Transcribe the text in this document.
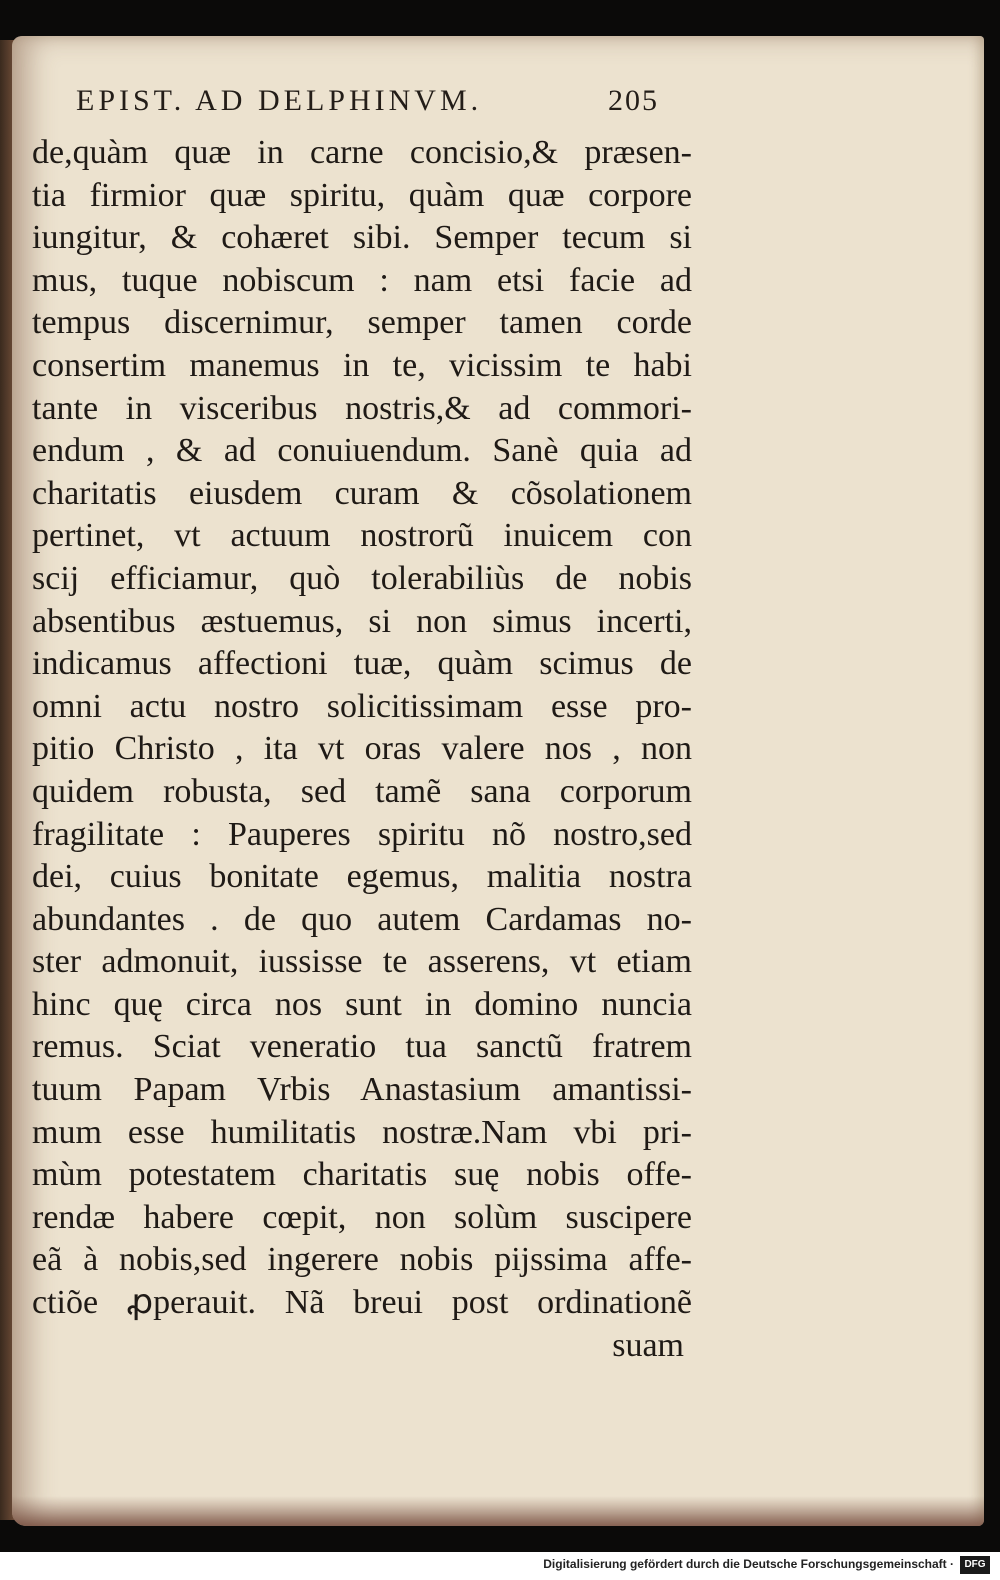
EPIST. AD DELPHINVM.	205
de,quàm quæ in carne concisio,& præsen-
tia firmior quæ spiritu, quàm quæ corpore
iungitur, & cohæret sibi. Semper tecum si
mus, tuque nobiscum : nam etsi facie ad
tempus discernimur, semper tamen corde
consertim manemus in te, vicissim te habi
tante in visceribus nostris,& ad commori-
endum , & ad conuiuendum. Sanè quia ad
charitatis eiusdem curam & cõsolationem
pertinet, vt actuum nostrorũ inuicem con
scij efficiamur, quò tolerabiliùs de nobis
absentibus æstuemus, si non simus incerti,
indicamus affectioni tuæ, quàm scimus de
omni actu nostro solicitissimam esse pro-
pitio Christo , ita vt oras valere nos , non
quidem robusta, sed tamẽ sana corporum
fragilitate : Pauperes spiritu nõ nostro,sed
dei, cuius bonitate egemus, malitia nostra
abundantes . de quo autem Cardamas no-
ster admonuit, iussisse te asserens, vt etiam
hinc quę circa nos sunt in domino nuncia
remus. Sciat veneratio tua sanctũ fratrem
tuum Papam Vrbis Anastasium amantissi-
mum esse humilitatis nostræ.Nam vbi pri-
mùm potestatem charitatis suę nobis offe-
rendæ habere cœpit, non solùm suscipere
eã à nobis,sed ingerere nobis pijssima affe-
ctiõe ꝓperauit. Nã breui post ordinationẽ
suam
Digitalisierung gefördert durch die Deutsche Forschungsgemeinschaft ·	DFG
